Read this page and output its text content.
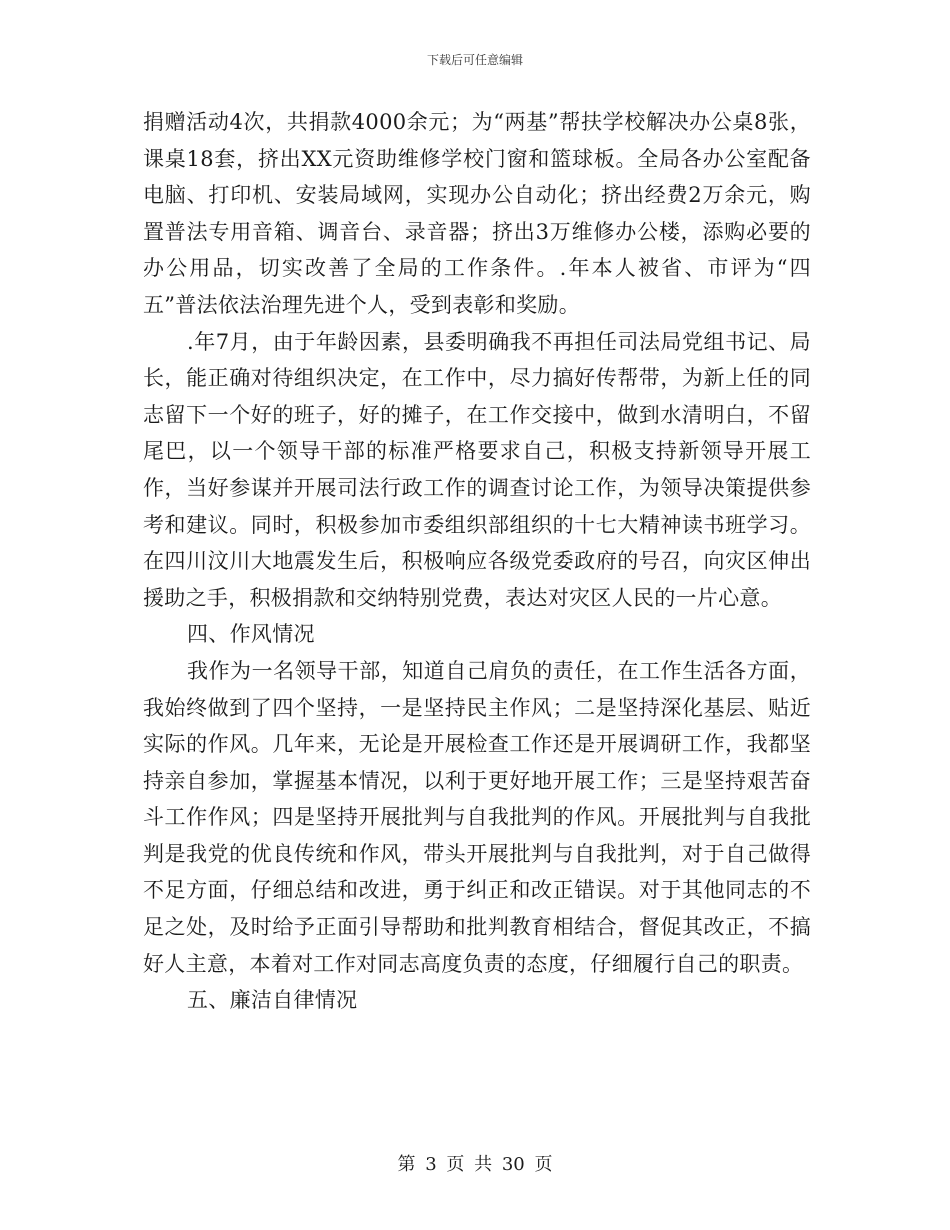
下载后可任意编辑

捐赠活动4次，共捐款4000余元；为“两基”帮扶学校解决办公桌8张，课桌18套，挤出XX元资助维修学校门窗和篮球板。全局各办公室配备电脑、打印机、安装局域网，实现办公自动化；挤出经费2万余元，购置普法专用音箱、调音台、录音器；挤出3万维修办公楼，添购必要的办公用品，切实改善了全局的工作条件。.年本人被省、市评为“四五”普法依法治理先进个人，受到表彰和奖励。

.年7月，由于年龄因素，县委明确我不再担任司法局党组书记、局长，能正确对待组织决定，在工作中，尽力搞好传帮带，为新上任的同志留下一个好的班子，好的摊子，在工作交接中，做到水清明白，不留尾巴，以一个领导干部的标准严格要求自己，积极支持新领导开展工作，当好参谋并开展司法行政工作的调查讨论工作，为领导决策提供参考和建议。同时，积极参加市委组织部组织的十七大精神读书班学习。在四川汶川大地震发生后，积极响应各级党委政府的号召，向灾区伸出援助之手，积极捐款和交纳特别党费，表达对灾区人民的一片心意。

四、作风情况

我作为一名领导干部，知道自己肩负的责任，在工作生活各方面，我始终做到了四个坚持，一是坚持民主作风；二是坚持深化基层、贴近实际的作风。几年来，无论是开展检查工作还是开展调研工作，我都坚持亲自参加，掌握基本情况，以利于更好地开展工作；三是坚持艰苦奋斗工作作风；四是坚持开展批判与自我批判的作风。开展批判与自我批判是我党的优良传统和作风，带头开展批判与自我批判，对于自己做得不足方面，仔细总结和改进，勇于纠正和改正错误。对于其他同志的不足之处，及时给予正面引导帮助和批判教育相结合，督促其改正，不搞好人主意，本着对工作对同志高度负责的态度，仔细履行自己的职责。

五、廉洁自律情况

第 3 页 共 30 页
